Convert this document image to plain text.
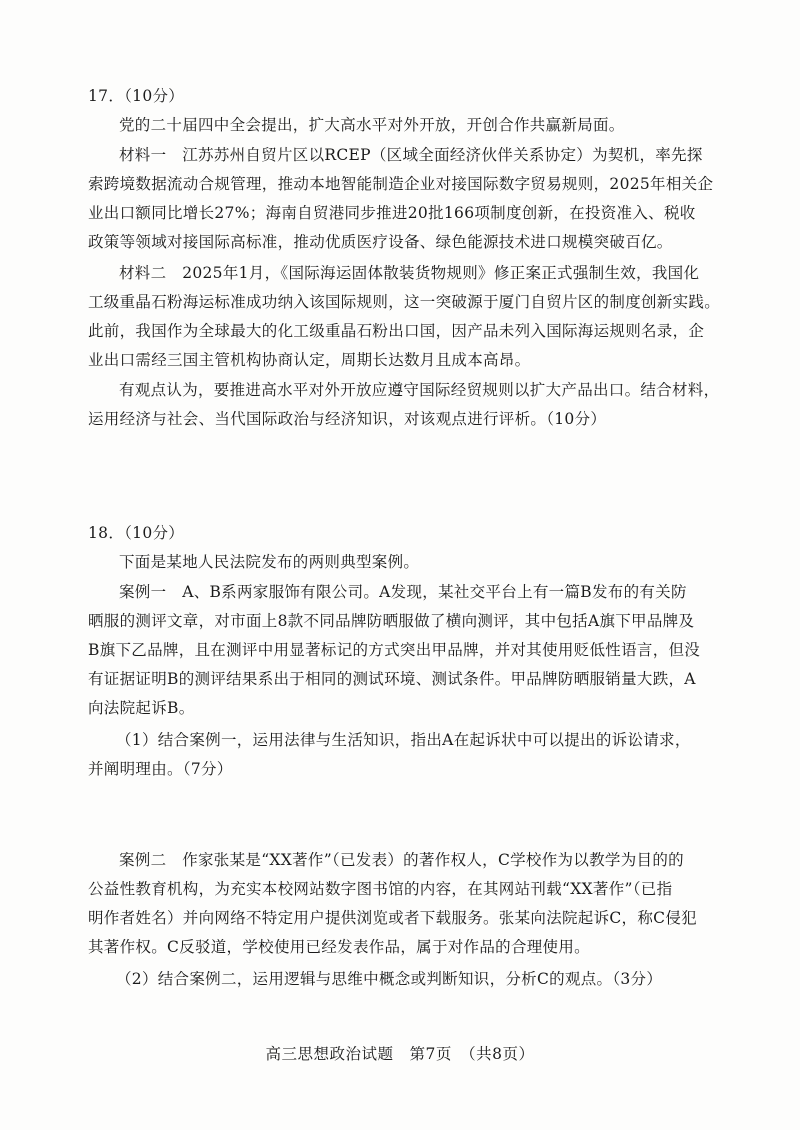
17．（10分）
党的二十届四中全会提出，扩大高水平对外开放，开创合作共赢新局面。
材料一　江苏苏州自贸片区以RCEP（区域全面经济伙伴关系协定）为契机，率先探
索跨境数据流动合规管理，推动本地智能制造企业对接国际数字贸易规则，2025年相关企
业出口额同比增长27%；海南自贸港同步推进20批166项制度创新，在投资准入、税收
政策等领域对接国际高标准，推动优质医疗设备、绿色能源技术进口规模突破百亿。
材料二　2025年1月，《国际海运固体散装货物规则》修正案正式强制生效，我国化
工级重晶石粉海运标准成功纳入该国际规则，这一突破源于厦门自贸片区的制度创新实践。
此前，我国作为全球最大的化工级重晶石粉出口国，因产品未列入国际海运规则名录，企
业出口需经三国主管机构协商认定，周期长达数月且成本高昂。
有观点认为，要推进高水平对外开放应遵守国际经贸规则以扩大产品出口。结合材料，
运用经济与社会、当代国际政治与经济知识，对该观点进行评析。（10分）
18．（10分）
下面是某地人民法院发布的两则典型案例。
案例一　A、B系两家服饰有限公司。A发现，某社交平台上有一篇B发布的有关防
晒服的测评文章，对市面上8款不同品牌防晒服做了横向测评，其中包括A旗下甲品牌及
B旗下乙品牌，且在测评中用显著标记的方式突出甲品牌，并对其使用贬低性语言，但没
有证据证明B的测评结果系出于相同的测试环境、测试条件。甲品牌防晒服销量大跌，A
向法院起诉B。
（1）结合案例一，运用法律与生活知识，指出A在起诉状中可以提出的诉讼请求，
并阐明理由。（7分）
案例二　作家张某是“XX著作”（已发表）的著作权人，C学校作为以教学为目的的
公益性教育机构，为充实本校网站数字图书馆的内容，在其网站刊载“XX著作”（已指
明作者姓名）并向网络不特定用户提供浏览或者下载服务。张某向法院起诉C，称C侵犯
其著作权。C反驳道，学校使用已经发表作品，属于对作品的合理使用。
（2）结合案例二，运用逻辑与思维中概念或判断知识，分析C的观点。（3分）
高三思想政治试题　第7页　（共8页）
